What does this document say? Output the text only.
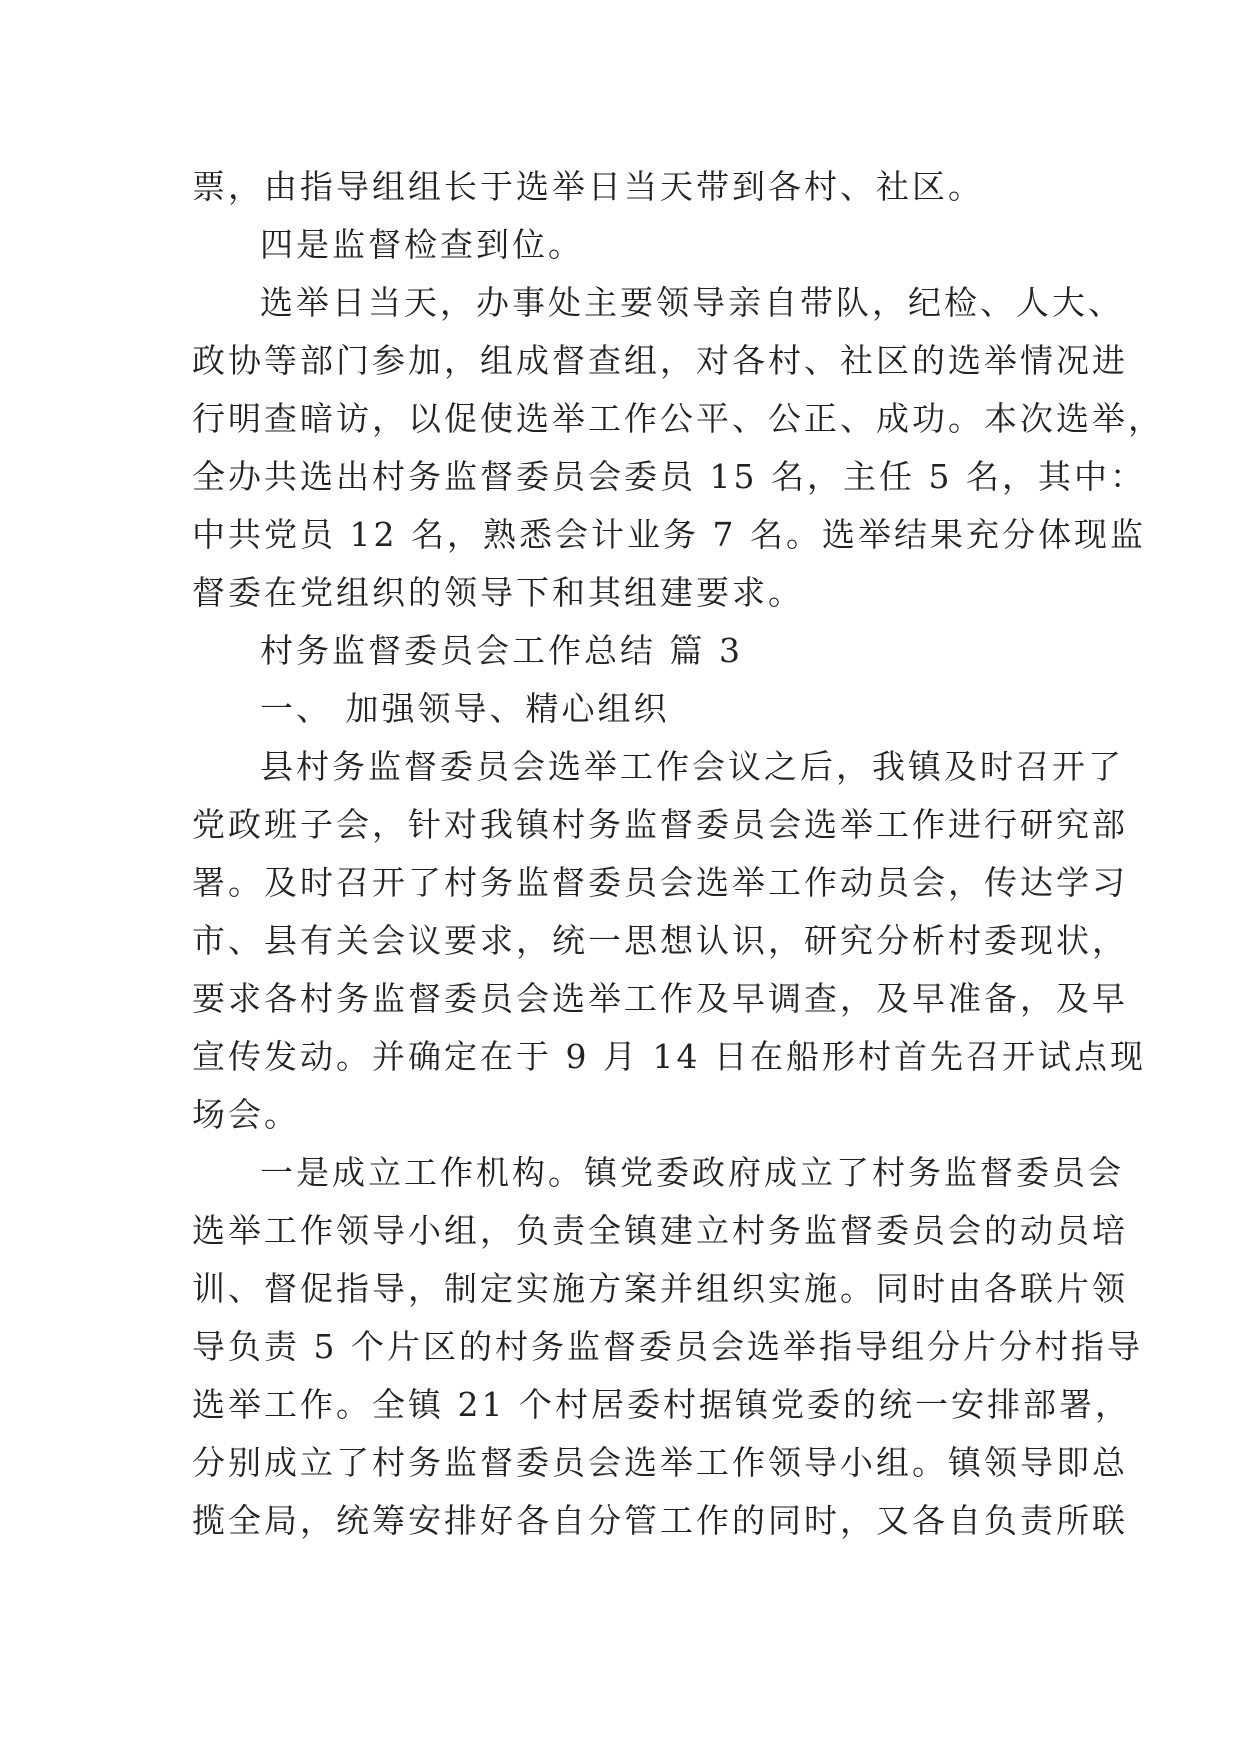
票，由指导组组长于选举日当天带到各村、社区。
四是监督检查到位。
选举日当天，办事处主要领导亲自带队，纪检、人大、
政协等部门参加，组成督查组，对各村、社区的选举情况进
行明查暗访，以促使选举工作公平、公正、成功。本次选举，
全办共选出村务监督委员会委员 15 名，主任 5 名，其中：
中共党员 12 名，熟悉会计业务 7 名。选举结果充分体现监
督委在党组织的领导下和其组建要求。
村务监督委员会工作总结 篇 3
一、 加强领导、精心组织
县村务监督委员会选举工作会议之后，我镇及时召开了
党政班子会，针对我镇村务监督委员会选举工作进行研究部
署。及时召开了村务监督委员会选举工作动员会，传达学习
市、县有关会议要求，统一思想认识，研究分析村委现状，
要求各村务监督委员会选举工作及早调查，及早准备，及早
宣传发动。并确定在于 9 月 14 日在船形村首先召开试点现
场会。
一是成立工作机构。镇党委政府成立了村务监督委员会
选举工作领导小组，负责全镇建立村务监督委员会的动员培
训、督促指导，制定实施方案并组织实施。同时由各联片领
导负责 5 个片区的村务监督委员会选举指导组分片分村指导
选举工作。全镇 21 个村居委村据镇党委的统一安排部署，
分别成立了村务监督委员会选举工作领导小组。镇领导即总
揽全局，统筹安排好各自分管工作的同时，又各自负责所联
